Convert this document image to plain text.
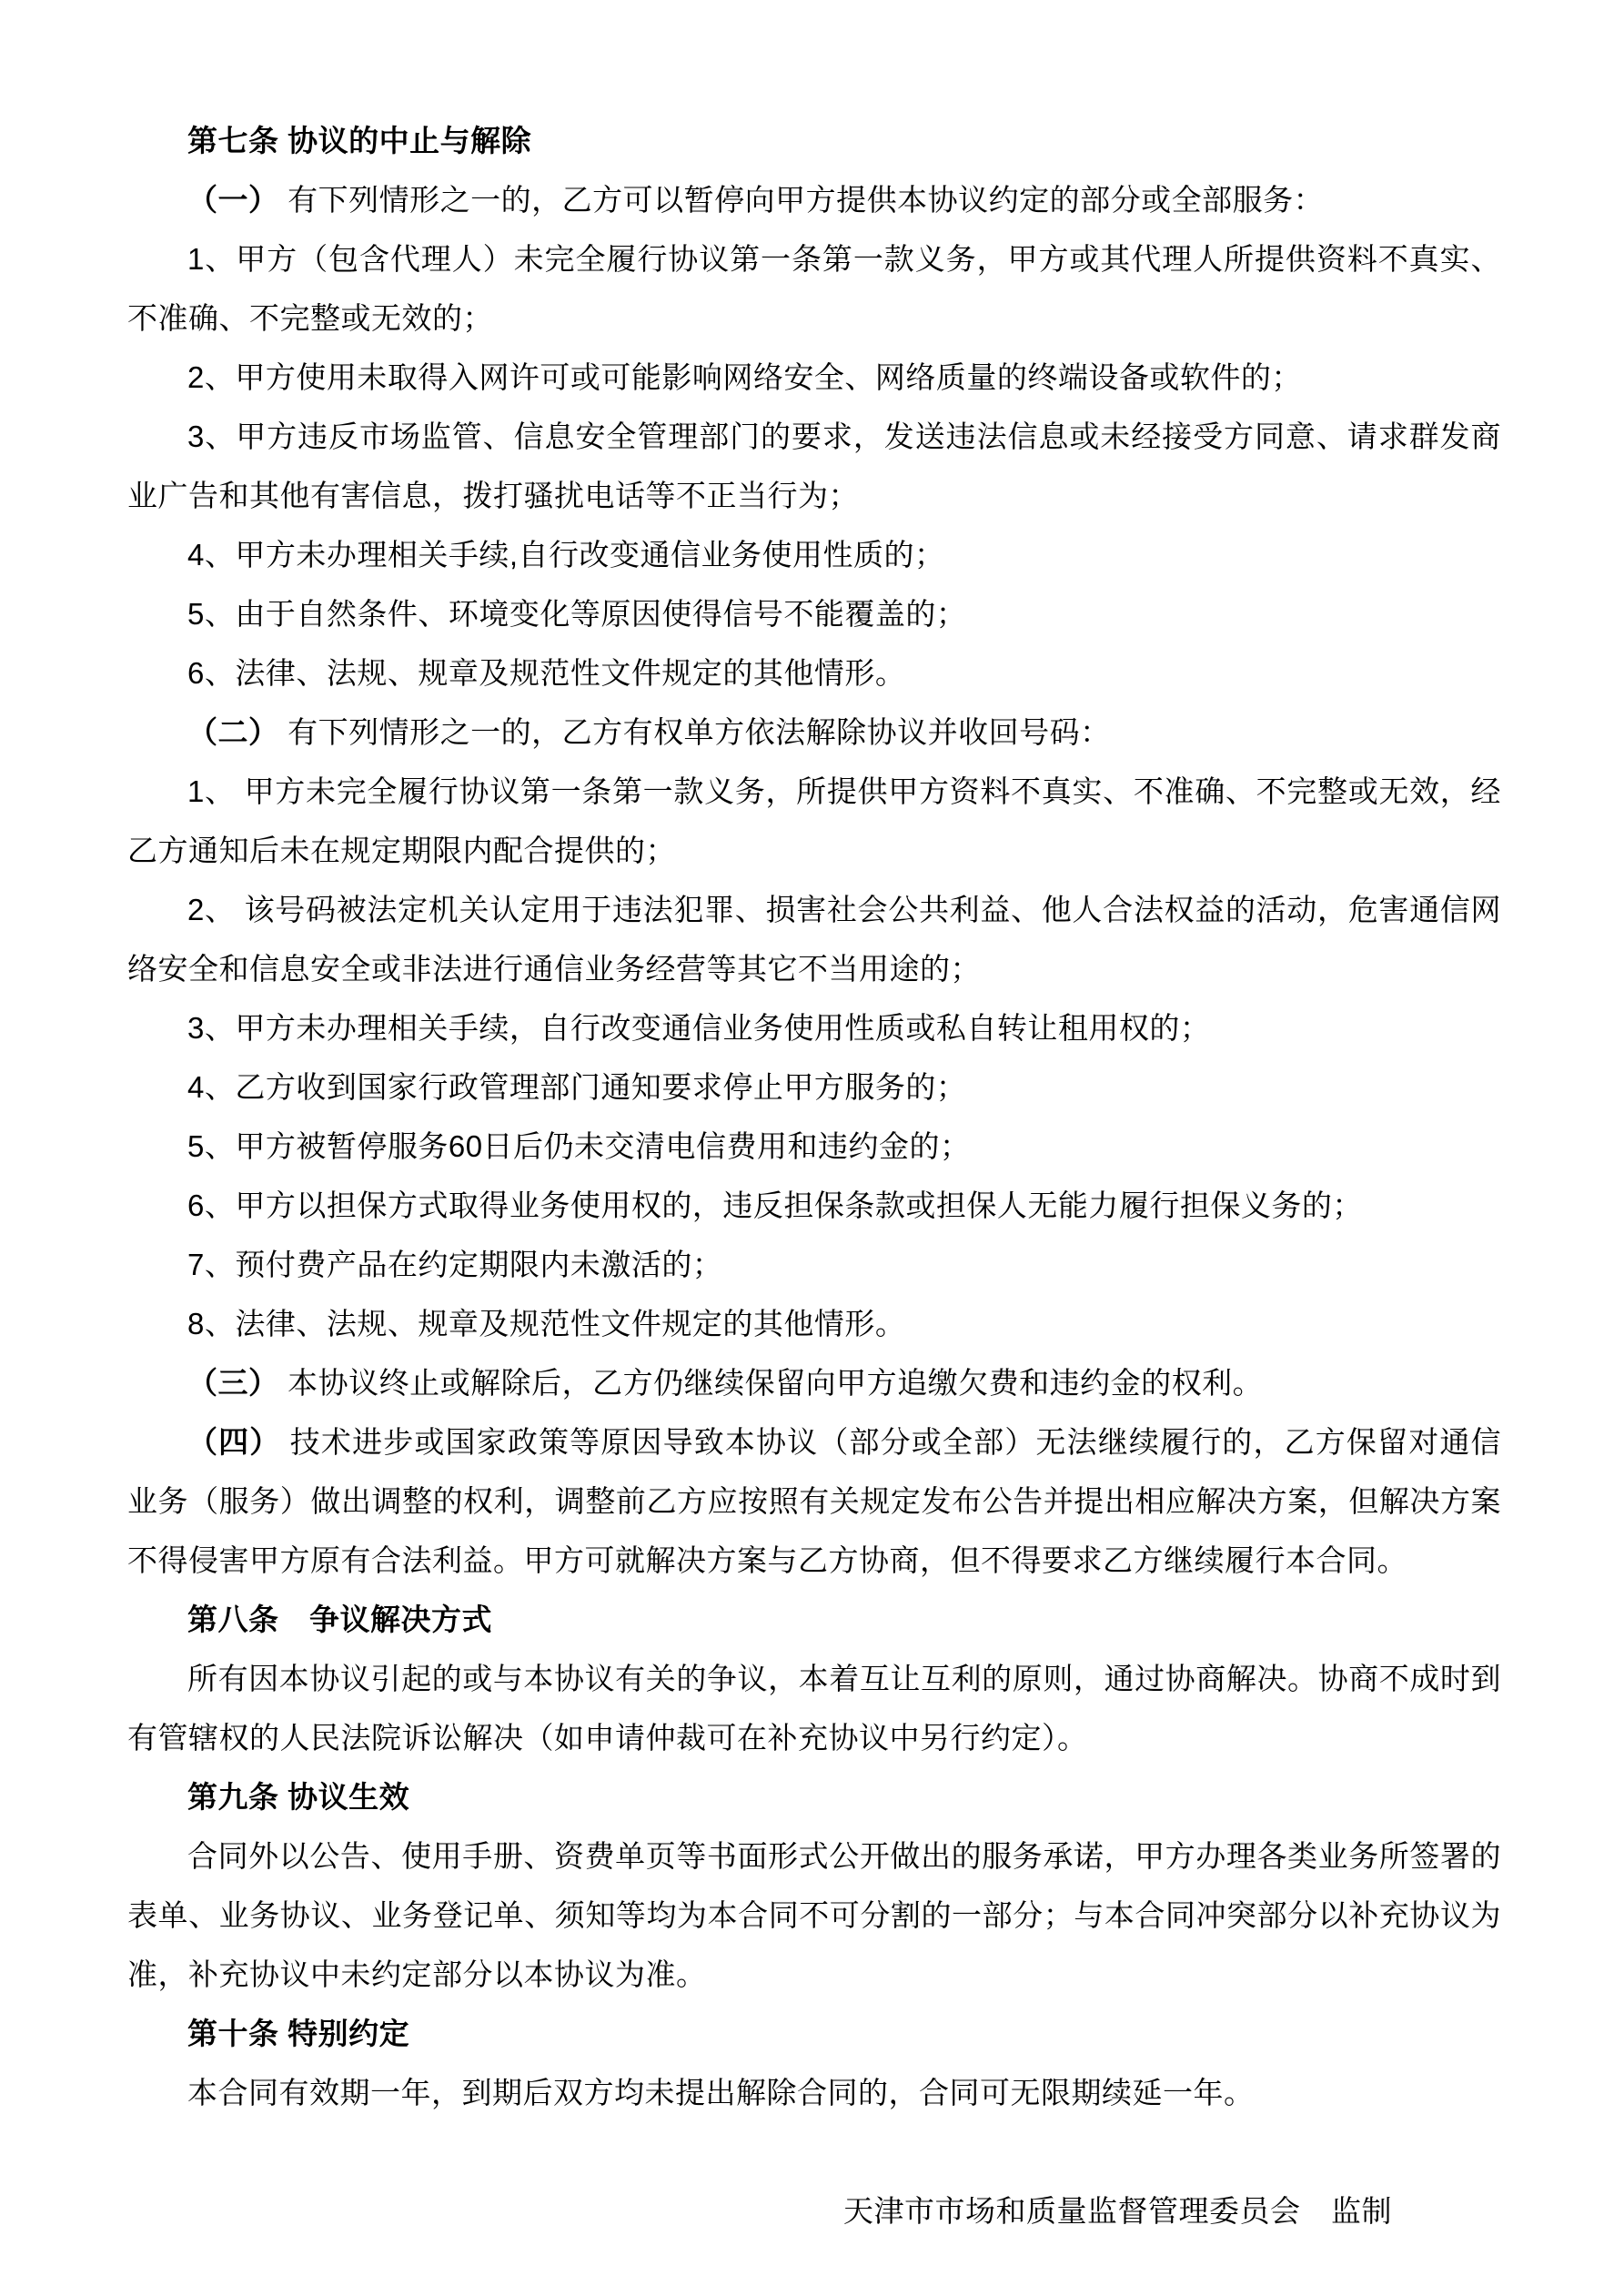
第七条 协议的中止与解除

（一） 有下列情形之一的，乙方可以暂停向甲方提供本协议约定的部分或全部服务：

1、甲方（包含代理人）未完全履行协议第一条第一款义务，甲方或其代理人所提供资料不真实、不准确、不完整或无效的；

2、甲方使用未取得入网许可或可能影响网络安全、网络质量的终端设备或软件的；

3、甲方违反市场监管、信息安全管理部门的要求，发送违法信息或未经接受方同意、请求群发商业广告和其他有害信息，拨打骚扰电话等不正当行为；

4、甲方未办理相关手续,自行改变通信业务使用性质的；

5、由于自然条件、环境变化等原因使得信号不能覆盖的；

6、法律、法规、规章及规范性文件规定的其他情形。

（二） 有下列情形之一的，乙方有权单方依法解除协议并收回号码：

1、 甲方未完全履行协议第一条第一款义务，所提供甲方资料不真实、不准确、不完整或无效，经乙方通知后未在规定期限内配合提供的；

2、 该号码被法定机关认定用于违法犯罪、损害社会公共利益、他人合法权益的活动，危害通信网络安全和信息安全或非法进行通信业务经营等其它不当用途的；

3、甲方未办理相关手续，自行改变通信业务使用性质或私自转让租用权的；

4、乙方收到国家行政管理部门通知要求停止甲方服务的；

5、甲方被暂停服务60日后仍未交清电信费用和违约金的；

6、甲方以担保方式取得业务使用权的，违反担保条款或担保人无能力履行担保义务的；

7、预付费产品在约定期限内未激活的；

8、法律、法规、规章及规范性文件规定的其他情形。

（三） 本协议终止或解除后，乙方仍继续保留向甲方追缴欠费和违约金的权利。

（四） 技术进步或国家政策等原因导致本协议（部分或全部）无法继续履行的，乙方保留对通信业务（服务）做出调整的权利，调整前乙方应按照有关规定发布公告并提出相应解决方案，但解决方案不得侵害甲方原有合法利益。甲方可就解决方案与乙方协商，但不得要求乙方继续履行本合同。

第八条　争议解决方式

所有因本协议引起的或与本协议有关的争议，本着互让互利的原则，通过协商解决。协商不成时到有管辖权的人民法院诉讼解决（如申请仲裁可在补充协议中另行约定）。

第九条 协议生效

合同外以公告、使用手册、资费单页等书面形式公开做出的服务承诺，甲方办理各类业务所签署的表单、业务协议、业务登记单、须知等均为本合同不可分割的一部分；与本合同冲突部分以补充协议为准，补充协议中未约定部分以本协议为准。

第十条 特别约定

本合同有效期一年，到期后双方均未提出解除合同的，合同可无限期续延一年。

天津市市场和质量监督管理委员会　监制
